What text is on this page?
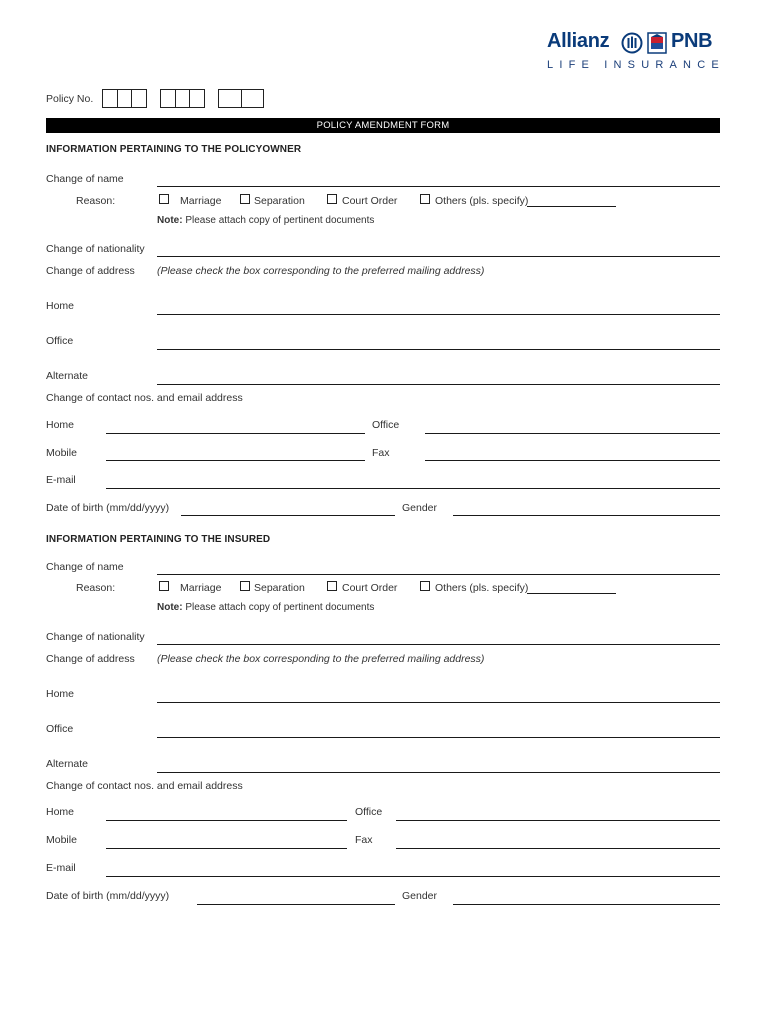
Allianz	PNB
LIFE INSURANCE
Policy No.
POLICY AMENDMENT FORM
INFORMATION PERTAINING TO THE POLICYOWNER
Change of name
Reason:	Marriage	Separation	Court Order	Others (pls. specify)
Note: Please attach copy of pertinent documents
Change of nationality
Change of address (Please check the box corresponding to the preferred mailing address)
Home
Office
Alternate
Change of contact nos. and email address
Home	Office
Mobile	Fax
E-mail
Date of birth (mm/dd/yyyy)	Gender
INFORMATION PERTAINING TO THE INSURED
Change of name
Reason:	Marriage	Separation	Court Order	Others (pls. specify)
Note: Please attach copy of pertinent documents
Change of nationality
Change of address (Please check the box corresponding to the preferred mailing address)
Home
Office
Alternate
Change of contact nos. and email address
Home	Office
Mobile	Fax
E-mail
Date of birth (mm/dd/yyyy)	Gender
